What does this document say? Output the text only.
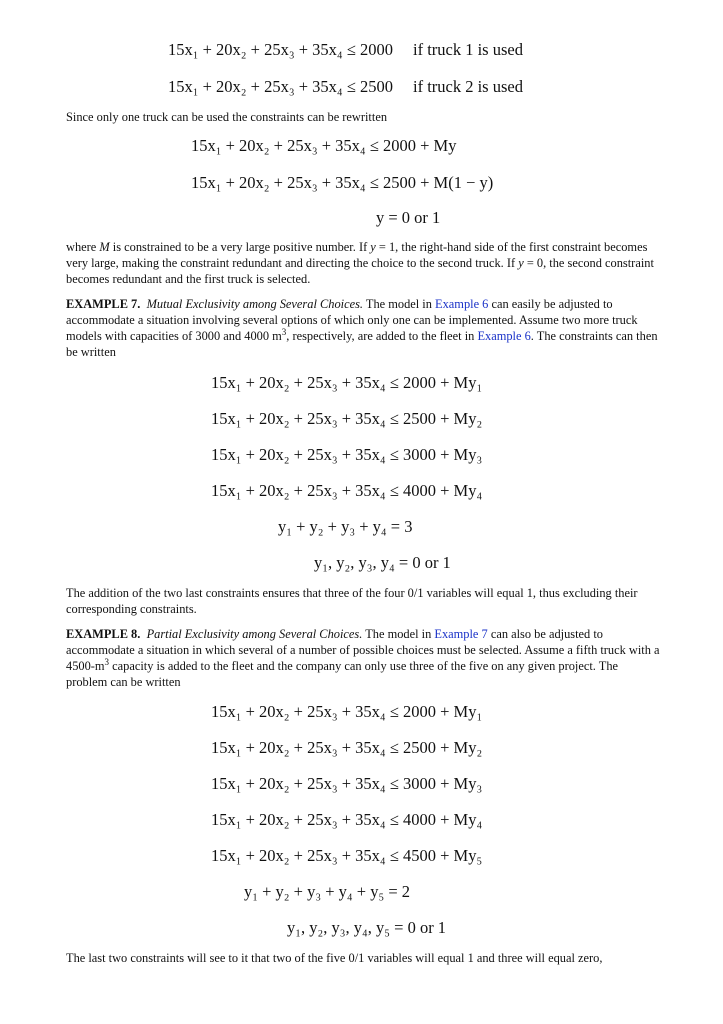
15x₁ + 20x₂ + 25x₃ + 35x₄ ≤ 2000 if truck 1 is used
15x₁ + 20x₂ + 25x₃ + 35x₄ ≤ 2500 if truck 2 is used

Since only one truck can be used the constraints can be rewritten

15x₁ + 20x₂ + 25x₃ + 35x₄ ≤ 2000 + My
15x₁ + 20x₂ + 25x₃ + 35x₄ ≤ 2500 + M(1 − y)
y = 0 or 1

where M is constrained to be a very large positive number. If y = 1, the right-hand side of the first constraint becomes very large, making the constraint redundant and directing the choice to the second truck. If y = 0, the second constraint becomes redundant and the first truck is selected.

EXAMPLE 7. Mutual Exclusivity among Several Choices. The model in Example 6 can easily be adjusted to accommodate a situation involving several options of which only one can be implemented. Assume two more truck models with capacities of 3000 and 4000 $m^3$, respectively, are added to the fleet in Example 6. The constraints can then be written

15x₁ + 20x₂ + 25x₃ + 35x₄ ≤ 2000 + My₁
15x₁ + 20x₂ + 25x₃ + 35x₄ ≤ 2500 + My₂
15x₁ + 20x₂ + 25x₃ + 35x₄ ≤ 3000 + My₃
15x₁ + 20x₂ + 25x₃ + 35x₄ ≤ 4000 + My₄
y₁ + y₂ + y₃ + y₄ = 3
y₁, y₂, y₃, y₄ = 0 or 1

The addition of the two last constraints ensures that three of the four 0/1 variables will equal 1, thus excluding their corresponding constraints.

EXAMPLE 8. Partial Exclusivity among Several Choices. The model in Example 7 can also be adjusted to accommodate a situation in which several of a number of possible choices must be selected. Assume a fifth truck with a $4500-m^3$ capacity is added to the fleet and the company can only use three of the five on any given project. The problem can be written

15x₁ + 20x₂ + 25x₃ + 35x₄ ≤ 2000 + My₁
15x₁ + 20x₂ + 25x₃ + 35x₄ ≤ 2500 + My₂
15x₁ + 20x₂ + 25x₃ + 35x₄ ≤ 3000 + My₃
15x₁ + 20x₂ + 25x₃ + 35x₄ ≤ 4000 + My₄
15x₁ + 20x₂ + 25x₃ + 35x₄ ≤ 4500 + My₅
y₁ + y₂ + y₃ + y₄ + y₅ = 2
y₁, y₂, y₃, y₄, y₅ = 0 or 1

The last two constraints will see to it that two of the five 0/1 variables will equal 1 and three will equal zero,
